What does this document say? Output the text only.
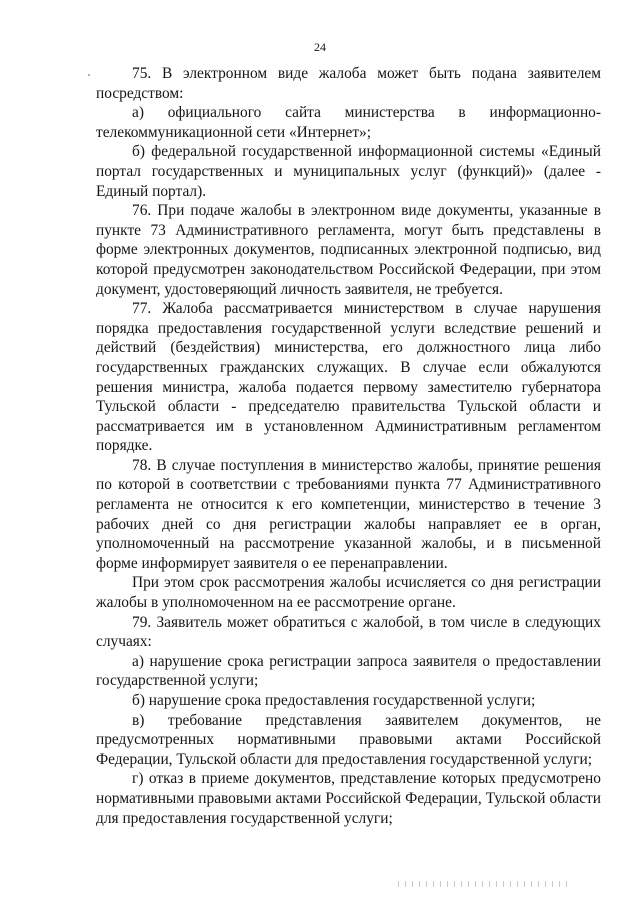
24

75. В электронном виде жалоба может быть подана заявителем посредством:

а) официального сайта министерства в информационно-телекоммуникационной сети «Интернет»;

б) федеральной государственной информационной системы «Единый портал государственных и муниципальных услуг (функций)» (далее - Единый портал).

76. При подаче жалобы в электронном виде документы, указанные в пункте 73 Административного регламента, могут быть представлены в форме электронных документов, подписанных электронной подписью, вид которой предусмотрен законодательством Российской Федерации, при этом документ, удостоверяющий личность заявителя, не требуется.

77. Жалоба рассматривается министерством в случае нарушения порядка предоставления государственной услуги вследствие решений и действий (бездействия) министерства, его должностного лица либо государственных гражданских служащих. В случае если обжалуются решения министра, жалоба подается первому заместителю губернатора Тульской области - председателю правительства Тульской области и рассматривается им в установленном Административным регламентом порядке.

78. В случае поступления в министерство жалобы, принятие решения по которой в соответствии с требованиями пункта 77 Административного регламента не относится к его компетенции, министерство в течение 3 рабочих дней со дня регистрации жалобы направляет ее в орган, уполномоченный на рассмотрение указанной жалобы, и в письменной форме информирует заявителя о ее перенаправлении.

При этом срок рассмотрения жалобы исчисляется со дня регистрации жалобы в уполномоченном на ее рассмотрение органе.

79. Заявитель может обратиться с жалобой, в том числе в следующих случаях:

а) нарушение срока регистрации запроса заявителя о предоставлении государственной услуги;

б) нарушение срока предоставления государственной услуги;

в) требование представления заявителем документов, не предусмотренных нормативными правовыми актами Российской Федерации, Тульской области для предоставления государственной услуги;

г) отказ в приеме документов, представление которых предусмотрено нормативными правовыми актами Российской Федерации, Тульской области для предоставления государственной услуги;
